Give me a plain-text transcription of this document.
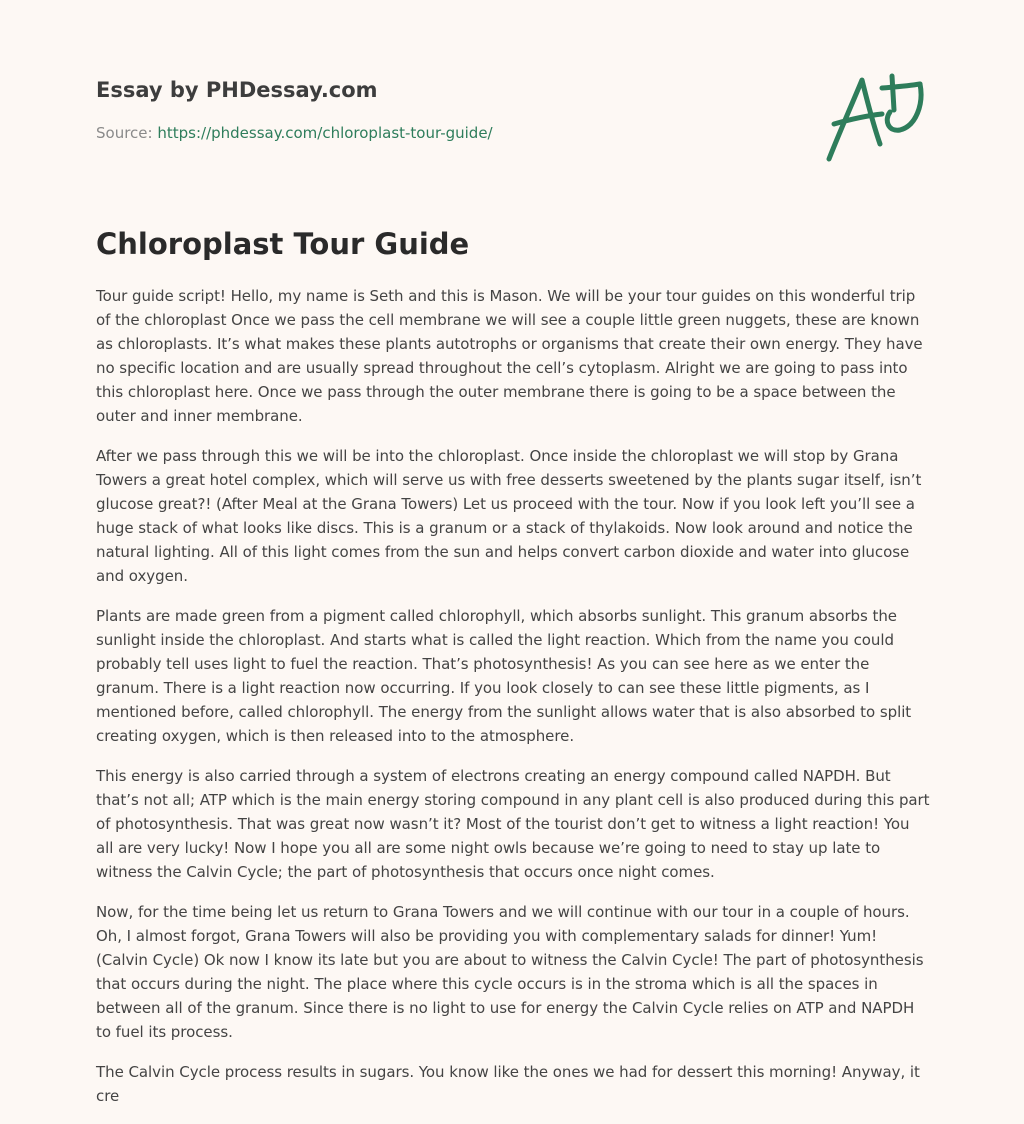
Essay by PHDessay.com
Source: https://phdessay.com/chloroplast-tour-guide/
Chloroplast Tour Guide

Tour guide script! Hello, my name is Seth and this is Mason. We will be your tour guides on this wonderful trip of the chloroplast Once we pass the cell membrane we will see a couple little green nuggets, these are known as chloroplasts. It’s what makes these plants autotrophs or organisms that create their own energy. They have no specific location and are usually spread throughout the cell’s cytoplasm. Alright we are going to pass into this chloroplast here. Once we pass through the outer membrane there is going to be a space between the outer and inner membrane.

After we pass through this we will be into the chloroplast. Once inside the chloroplast we will stop by Grana Towers a great hotel complex, which will serve us with free desserts sweetened by the plants sugar itself, isn’t glucose great?! (After Meal at the Grana Towers) Let us proceed with the tour. Now if you look left you’ll see a huge stack of what looks like discs. This is a granum or a stack of thylakoids. Now look around and notice the natural lighting. All of this light comes from the sun and helps convert carbon dioxide and water into glucose and oxygen.

Plants are made green from a pigment called chlorophyll, which absorbs sunlight. This granum absorbs the sunlight inside the chloroplast. And starts what is called the light reaction. Which from the name you could probably tell uses light to fuel the reaction. That’s photosynthesis! As you can see here as we enter the granum. There is a light reaction now occurring. If you look closely to can see these little pigments, as I mentioned before, called chlorophyll. The energy from the sunlight allows water that is also absorbed to split creating oxygen, which is then released into to the atmosphere.

This energy is also carried through a system of electrons creating an energy compound called NAPDH. But that’s not all; ATP which is the main energy storing compound in any plant cell is also produced during this part of photosynthesis. That was great now wasn’t it? Most of the tourist don’t get to witness a light reaction! You all are very lucky! Now I hope you all are some night owls because we’re going to need to stay up late to witness the Calvin Cycle; the part of photosynthesis that occurs once night comes.

Now, for the time being let us return to Grana Towers and we will continue with our tour in a couple of hours. Oh, I almost forgot, Grana Towers will also be providing you with complementary salads for dinner! Yum! (Calvin Cycle) Ok now I know its late but you are about to witness the Calvin Cycle! The part of photosynthesis that occurs during the night. The place where this cycle occurs is in the stroma which is all the spaces in between all of the granum. Since there is no light to use for energy the Calvin Cycle relies on ATP and NAPDH to fuel its process.

The Calvin Cycle process results in sugars. You know like the ones we had for dessert this morning! Anyway, it cre
